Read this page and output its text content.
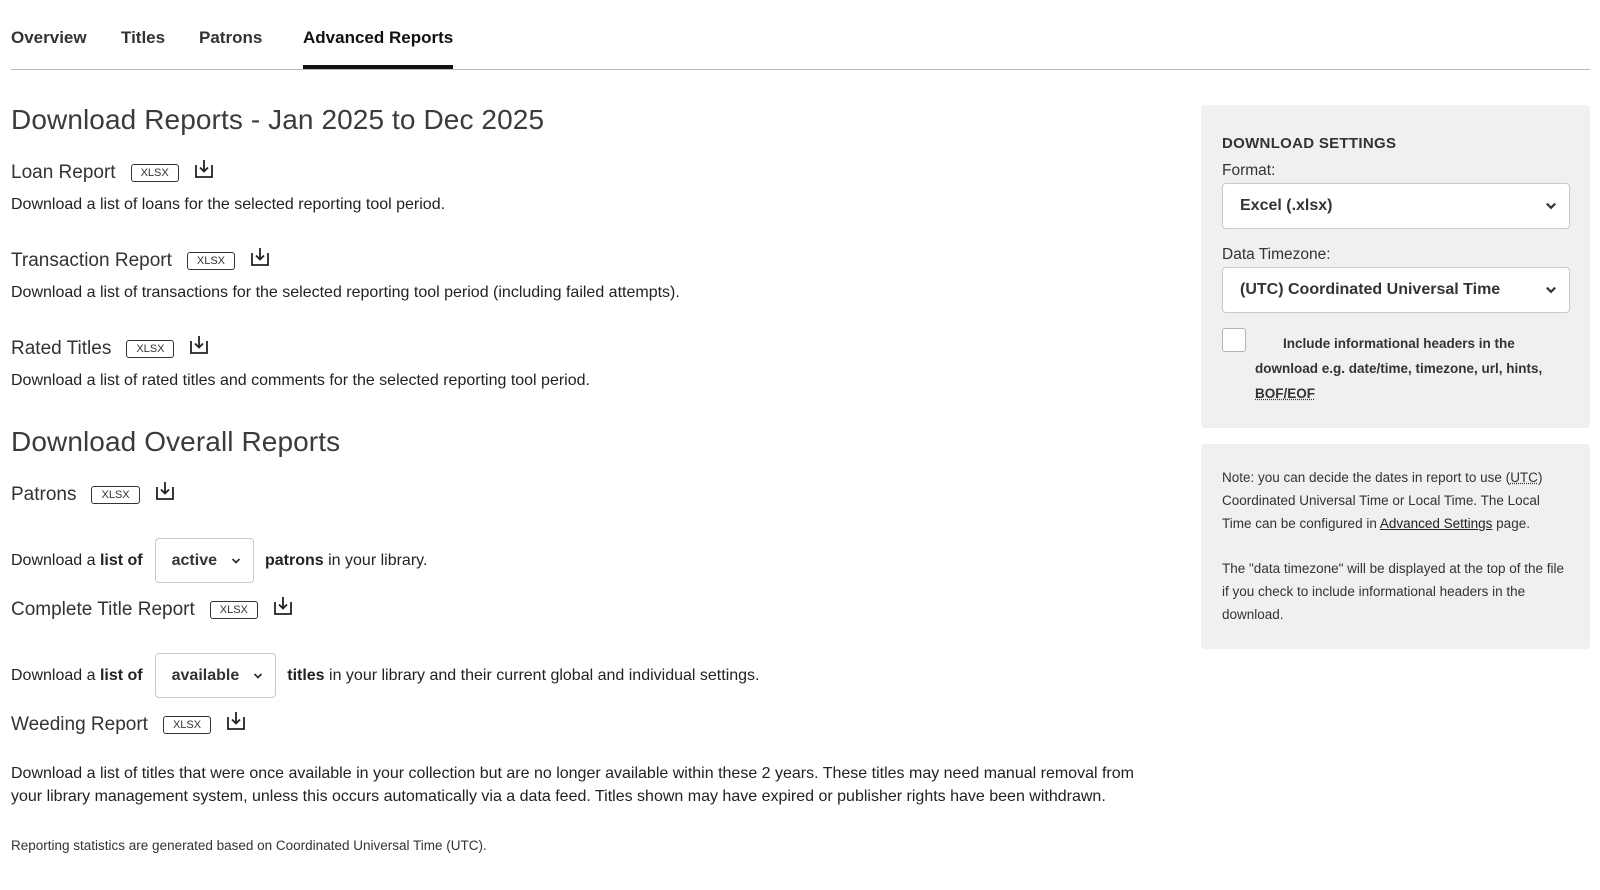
Overview Titles Patrons Advanced Reports
Download Reports - Jan 2025 to Dec 2025
Loan Report	XLSX
Download a list of loans for the selected reporting tool period.
Transaction Report	XLSX
Download a list of transactions for the selected reporting tool period (including failed attempts).
Rated Titles	XLSX
Download a list of rated titles and comments for the selected reporting tool period.
Download Overall Reports
Patrons	XLSX
Download a list of active	patrons in your library.
Complete Title Report	XLSX
Download a list of available	titles in your library and their current global and individual settings.
Weeding Report	XLSX
Download a list of titles that were once available in your collection but are no longer available within these 2 years. These titles may need manual removal from your library management system, unless this occurs automatically via a data feed. Titles shown may have expired or publisher rights have been withdrawn.
Reporting statistics are generated based on Coordinated Universal Time (UTC).
DOWNLOAD SETTINGS
Format:
Excel (.xlsx)
Data Timezone:
(UTC) Coordinated Universal Time
Include informational headers in the download e.g. date/time, timezone, url, hints, BOF/EOF
Note: you can decide the dates in report to use (UTC) Coordinated Universal Time or Local Time. The Local Time can be configured in Advanced Settings page.
The "data timezone" will be displayed at the top of the file if you check to include informational headers in the download.
